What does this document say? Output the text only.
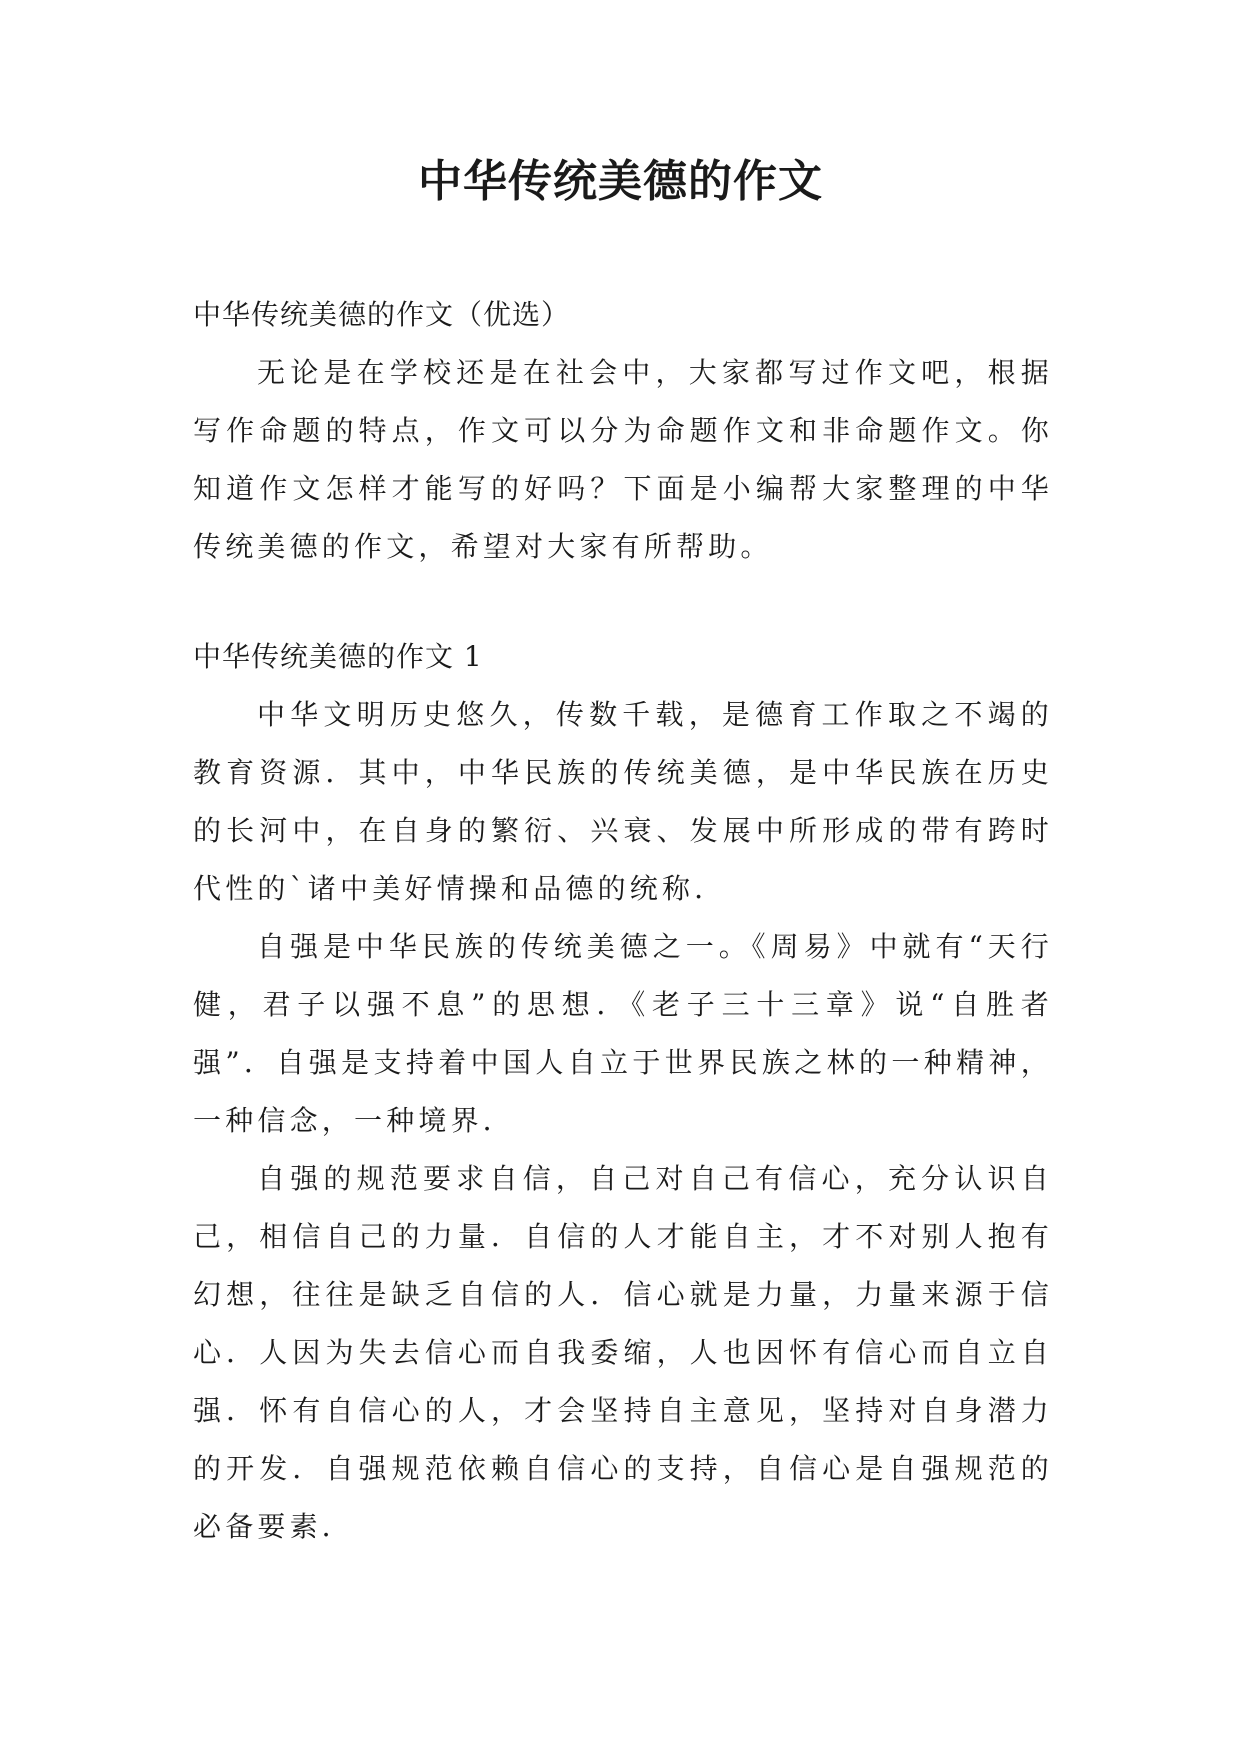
中华传统美德的作文

中华传统美德的作文（优选）

无论是在学校还是在社会中，大家都写过作文吧，根据写作命题的特点，作文可以分为命题作文和非命题作文。你知道作文怎样才能写的好吗？下面是小编帮大家整理的中华传统美德的作文，希望对大家有所帮助。

中华传统美德的作文 1

中华文明历史悠久，传数千载，是德育工作取之不竭的教育资源．其中，中华民族的传统美德，是中华民族在历史的长河中，在自身的繁衍、兴衰、发展中所形成的带有跨时代性的`诸中美好情操和品德的统称．

自强是中华民族的传统美德之一。《周易》中就有“天行健，君子以强不息”的思想．《老子三十三章》说“自胜者强”．自强是支持着中国人自立于世界民族之林的一种精神，一种信念，一种境界．

自强的规范要求自信，自己对自己有信心，充分认识自己，相信自己的力量．自信的人才能自主，才不对别人抱有幻想，往往是缺乏自信的人．信心就是力量，力量来源于信心．人因为失去信心而自我委缩，人也因怀有信心而自立自强．怀有自信心的人，才会坚持自主意见，坚持对自身潜力的开发．自强规范依赖自信心的支持，自信心是自强规范的必备要素．
